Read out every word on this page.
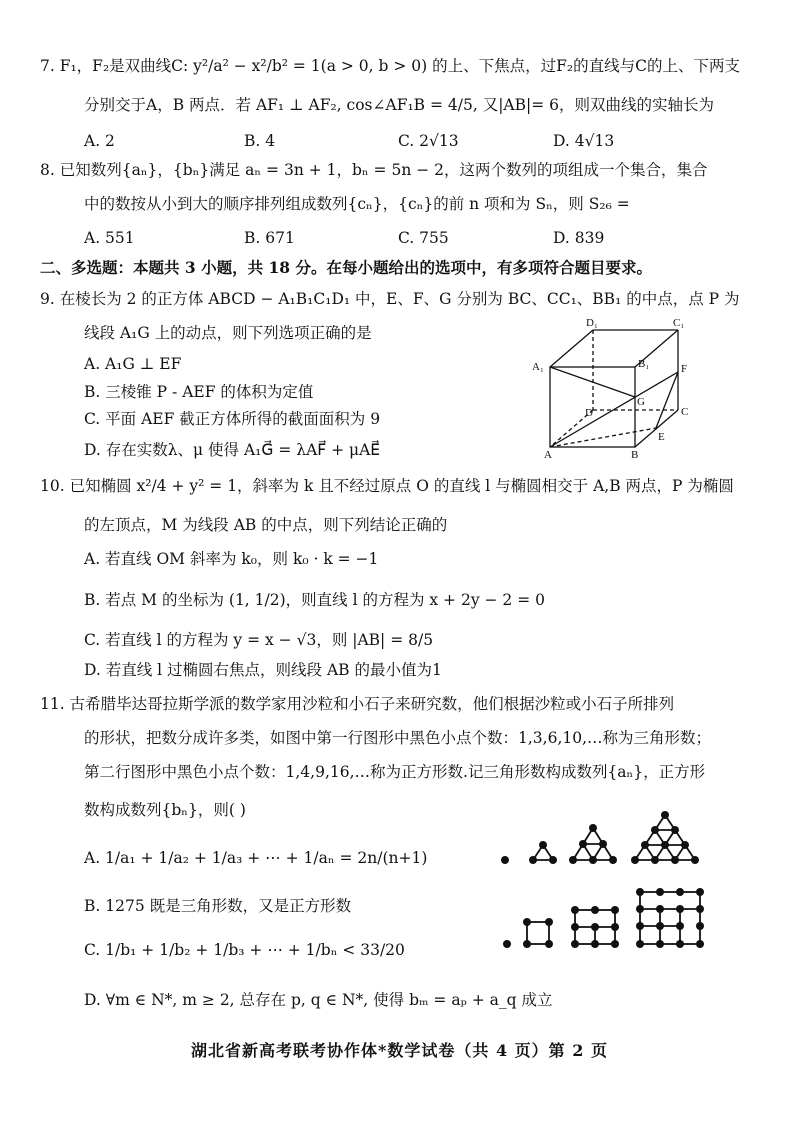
7. F₁，F₂是双曲线C: y²/a² − x²/b² = 1(a > 0, b > 0) 的上、下焦点，过F₂的直线与C的上、下两支
分别交于A，B 两点．若 AF₁ ⊥ AF₂, cos∠AF₁B = 4/5, 又|AB|= 6，则双曲线的实轴长为
A. 2	B. 4	C. 2√13	D. 4√13
8. 已知数列{aₙ}，{bₙ}满足 aₙ = 3n + 1，bₙ = 5n − 2，这两个数列的项组成一个集合，集合
中的数按从小到大的顺序排列组成数列{cₙ}，{cₙ}的前 n 项和为 Sₙ，则 S₂₆ =
A. 551	B. 671	C. 755	D. 839
二、多选题：本题共 3 小题，共 18 分。在每小题给出的选项中，有多项符合题目要求。
9. 在棱长为 2 的正方体 ABCD − A₁B₁C₁D₁ 中，E、F、G 分别为 BC、CC₁、BB₁ 的中点，点 P 为
线段 A₁G 上的动点，则下列选项正确的是
A. A₁G ⊥ EF
B. 三棱锥 P - AEF 的体积为定值
C. 平面 AEF 截正方体所得的截面面积为 9
D. 存在实数λ、μ 使得 A₁G⃗ = λAF⃗ + μAE⃗
D₁	C₁
A₁	B₁	F
G
D	C
E
A	B
10. 已知椭圆 x²/4 + y² = 1，斜率为 k 且不经过原点 O 的直线 l 与椭圆相交于 A,B 两点，P 为椭圆
的左顶点，M 为线段 AB 的中点，则下列结论正确的
A. 若直线 OM 斜率为 k₀，则 k₀ · k = −1
B. 若点 M 的坐标为 (1, 1/2)，则直线 l 的方程为 x + 2y − 2 = 0
C. 若直线 l 的方程为 y = x − √3，则 |AB| = 8/5
D. 若直线 l 过椭圆右焦点，则线段 AB 的最小值为1
11. 古希腊毕达哥拉斯学派的数学家用沙粒和小石子来研究数，他们根据沙粒或小石子所排列
的形状，把数分成许多类，如图中第一行图形中黑色小点个数：1,3,6,10,…称为三角形数；
第二行图形中黑色小点个数：1,4,9,16,…称为正方形数.记三角形数构成数列{aₙ}，正方形
数构成数列{bₙ}，则( )
A. 1/a₁ + 1/a₂ + 1/a₃ + ⋯ + 1/aₙ = 2n/(n+1)
B. 1275 既是三角形数，又是正方形数
C. 1/b₁ + 1/b₂ + 1/b₃ + ⋯ + 1/bₙ < 33/20
D. ∀m ∈ N*, m ≥ 2, 总存在 p, q ∈ N*, 使得 bₘ = aₚ + a_q 成立
湖北省新高考联考协作体*数学试卷（共 4 页）第 2 页
